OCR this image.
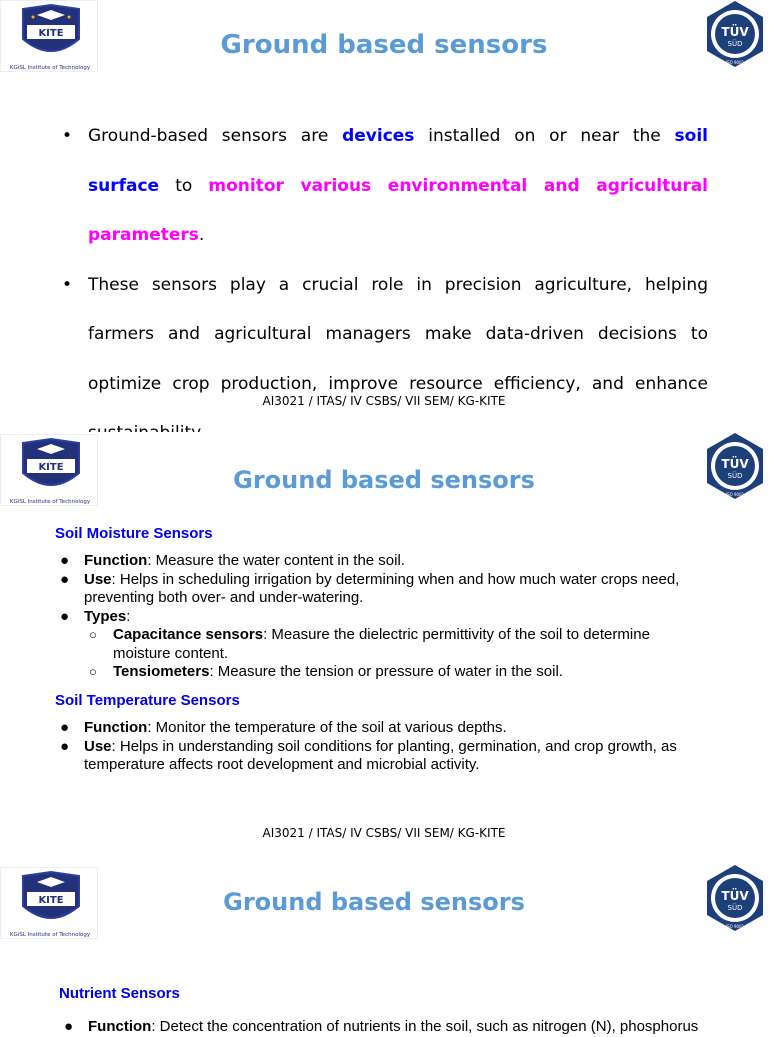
KITE
KGiSL Institute of Technology
TÜV
SÜD
ISO 9001
Ground based sensors
• Ground-based sensors are devices installed on or near the soil surface to monitor various environmental and agricultural parameters.
• These sensors play a crucial role in precision agriculture, helping farmers and agricultural managers make data-driven decisions to optimize crop production, improve resource efficiency, and enhance
AI3021 / ITAS/ IV CSBS/ VII SEM/ KG-KITE
KITE
KGiSL Institute of Technology
TÜV
SÜD
ISO 9001
Ground based sensors
Soil Moisture Sensors
● Function: Measure the water content in the soil.
● Use: Helps in scheduling irrigation by determining when and how much water crops need, preventing both over- and under-watering.
● Types:
○ Capacitance sensors: Measure the dielectric permittivity of the soil to determine moisture content.
○ Tensiometers: Measure the tension or pressure of water in the soil.
Soil Temperature Sensors
● Function: Monitor the temperature of the soil at various depths.
● Use: Helps in understanding soil conditions for planting, germination, and crop growth, as temperature affects root development and microbial activity.
AI3021 / ITAS/ IV CSBS/ VII SEM/ KG-KITE
KITE
KGiSL Institute of Technology
TÜV
SÜD
ISO 9001
Ground based sensors
Nutrient Sensors
● Function: Detect the concentration of nutrients in the soil, such as nitrogen (N), phosphorus
